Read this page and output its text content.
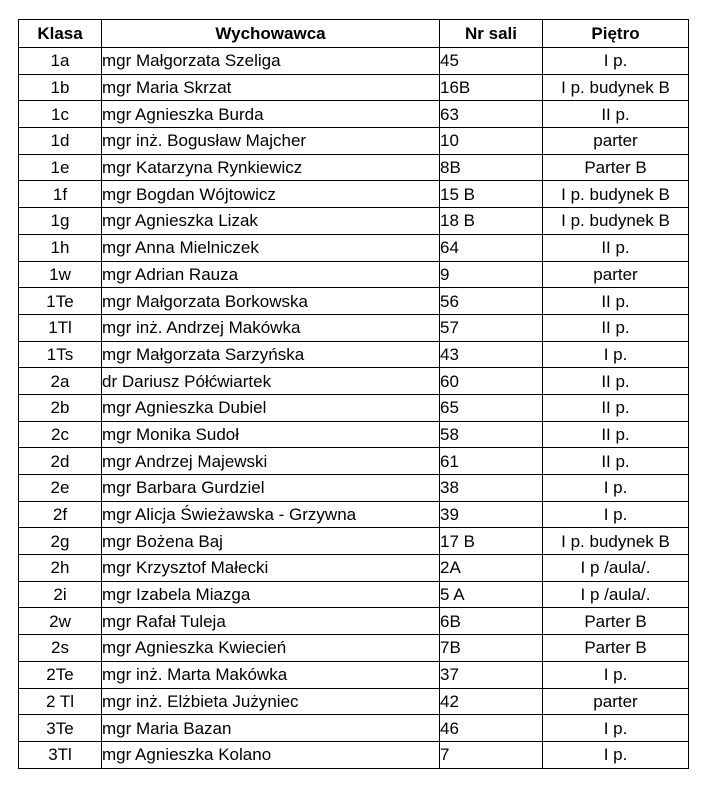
Klasa	Wychowawca	Nr sali	Piętro
1a	mgr Małgorzata Szeliga	45	I p.
1b	mgr Maria Skrzat	16B	I p. budynek B
1c	mgr Agnieszka Burda	63	II p.
1d	mgr inż. Bogusław Majcher	10	parter
1e	mgr Katarzyna Rynkiewicz	8B	Parter B
1f	mgr Bogdan Wójtowicz	15 B	I p. budynek B
1g	mgr Agnieszka Lizak	18 B	I p. budynek B
1h	mgr Anna Mielniczek	64	II p.
1w	mgr Adrian Rauza	9	parter
1Te	mgr Małgorzata Borkowska	56	II p.
1Tl	mgr inż. Andrzej Makówka	57	II p.
1Ts	mgr Małgorzata Sarzyńska	43	I p.
2a	dr Dariusz Półćwiartek	60	II p.
2b	mgr Agnieszka Dubiel	65	II p.
2c	mgr Monika Sudoł	58	II p.
2d	mgr Andrzej Majewski	61	II p.
2e	mgr Barbara Gurdziel	38	I p.
2f	mgr Alicja Świeżawska - Grzywna	39	I p.
2g	mgr Bożena Baj	17 B	I p. budynek B
2h	mgr Krzysztof Małecki	2A	I p /aula/.
2i	mgr Izabela Miazga	5 A	I p /aula/.
2w	mgr Rafał Tuleja	6B	Parter B
2s	mgr Agnieszka Kwiecień	7B	Parter B
2Te	mgr inż. Marta Makówka	37	I p.
2 Tl	mgr inż. Elżbieta Jużyniec	42	parter
3Te	mgr Maria Bazan	46	I p.
3Tl	mgr Agnieszka Kolano	7	I p.
